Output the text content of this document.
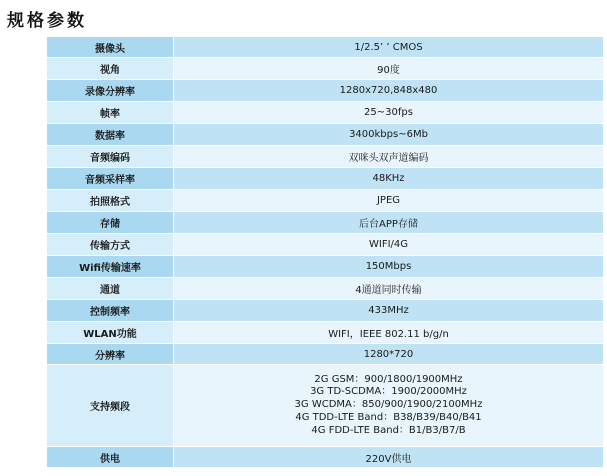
规格参数
摄像头	1/2.5’ ’ CMOS
视角	90度
录像分辨率	1280x720,848x480
帧率	25~30fps
数据率	3400kbps~6Mb
音频编码	双咪头双声道编码
音频采样率	48KHz
拍照格式	JPEG
存储	后台APP存储
传输方式	WIFI/4G
Wifi传输速率	150Mbps
通道	4通道同时传输
控制频率	433MHz
WLAN功能	WIFI，IEEE 802.11 b/g/n
分辨率	1280*720
支持频段	2G GSM：900/1800/1900MHz
3G TD-SCDMA：1900/2000MHz
3G WCDMA：850/900/1900/2100MHz
4G TDD-LTE Band：B38/B39/B40/B41
4G FDD-LTE Band：B1/B3/B7/B

供电	220V供电
